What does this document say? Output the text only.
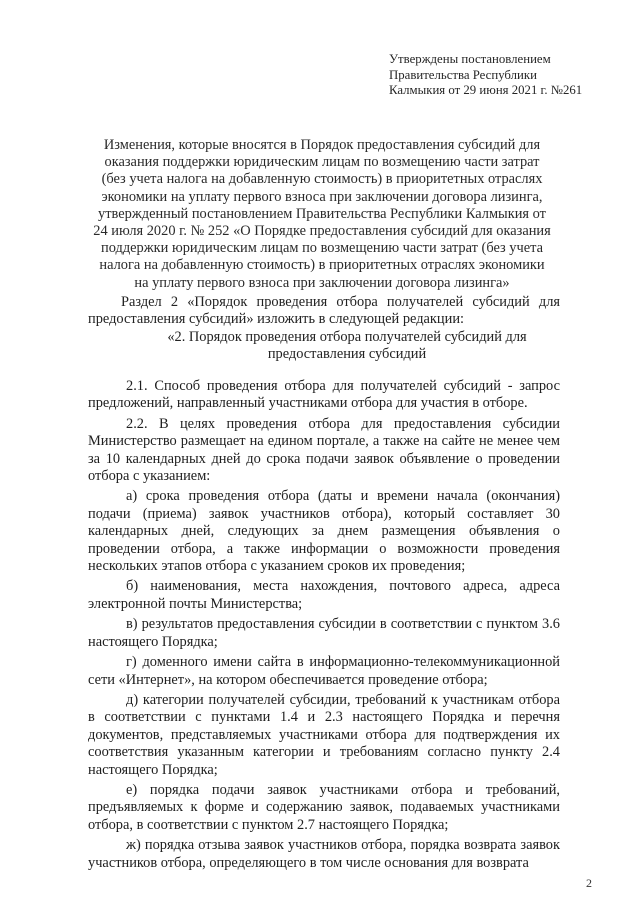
Утверждены постановлением
Правительства Республики
Калмыкия от 29 июня 2021 г. №261
Изменения, которые вносятся в Порядок предоставления субсидий для оказания поддержки юридическим лицам по возмещению части затрат (без учета налога на добавленную стоимость) в приоритетных отраслях экономики на уплату первого взноса при заключении договора лизинга, утвержденный постановлением Правительства Республики Калмыкия от 24 июля 2020 г. № 252 «О Порядке предоставления субсидий для оказания поддержки юридическим лицам по возмещению части затрат (без учета налога на добавленную стоимость) в приоритетных отраслях экономики на уплату первого взноса при заключении договора лизинга»
Раздел 2 «Порядок проведения отбора получателей субсидий для предоставления субсидий» изложить в следующей редакции:
«2. Порядок проведения отбора получателей субсидий для предоставления субсидий

2.1. Способ проведения отбора для получателей субсидий - запрос предложений, направленный участниками отбора для участия в отборе.

2.2. В целях проведения отбора для предоставления субсидии Министерство размещает на едином портале, а также на сайте не менее чем за 10 календарных дней до срока подачи заявок объявление о проведении отбора с указанием:

а) срока проведения отбора (даты и времени начала (окончания) подачи (приема) заявок участников отбора), который составляет 30 календарных дней, следующих за днем размещения объявления о проведении отбора, а также информации о возможности проведения нескольких этапов отбора с указанием сроков их проведения;

б) наименования, места нахождения, почтового адреса, адреса электронной почты Министерства;

в) результатов предоставления субсидии в соответствии с пунктом 3.6 настоящего Порядка;

г) доменного имени сайта в информационно-телекоммуникационной сети «Интернет», на котором обеспечивается проведение отбора;

д) категории получателей субсидии, требований к участникам отбора в соответствии с пунктами 1.4 и 2.3 настоящего Порядка и перечня документов, представляемых участниками отбора для подтверждения их соответствия указанным категории и требованиям согласно пункту 2.4 настоящего Порядка;

е) порядка подачи заявок участниками отбора и требований, предъявляемых к форме и содержанию заявок, подаваемых участниками отбора, в соответствии с пунктом 2.7 настоящего Порядка;

ж) порядка отзыва заявок участников отбора, порядка возврата заявок участников отбора, определяющего в том числе основания для возврата

2
